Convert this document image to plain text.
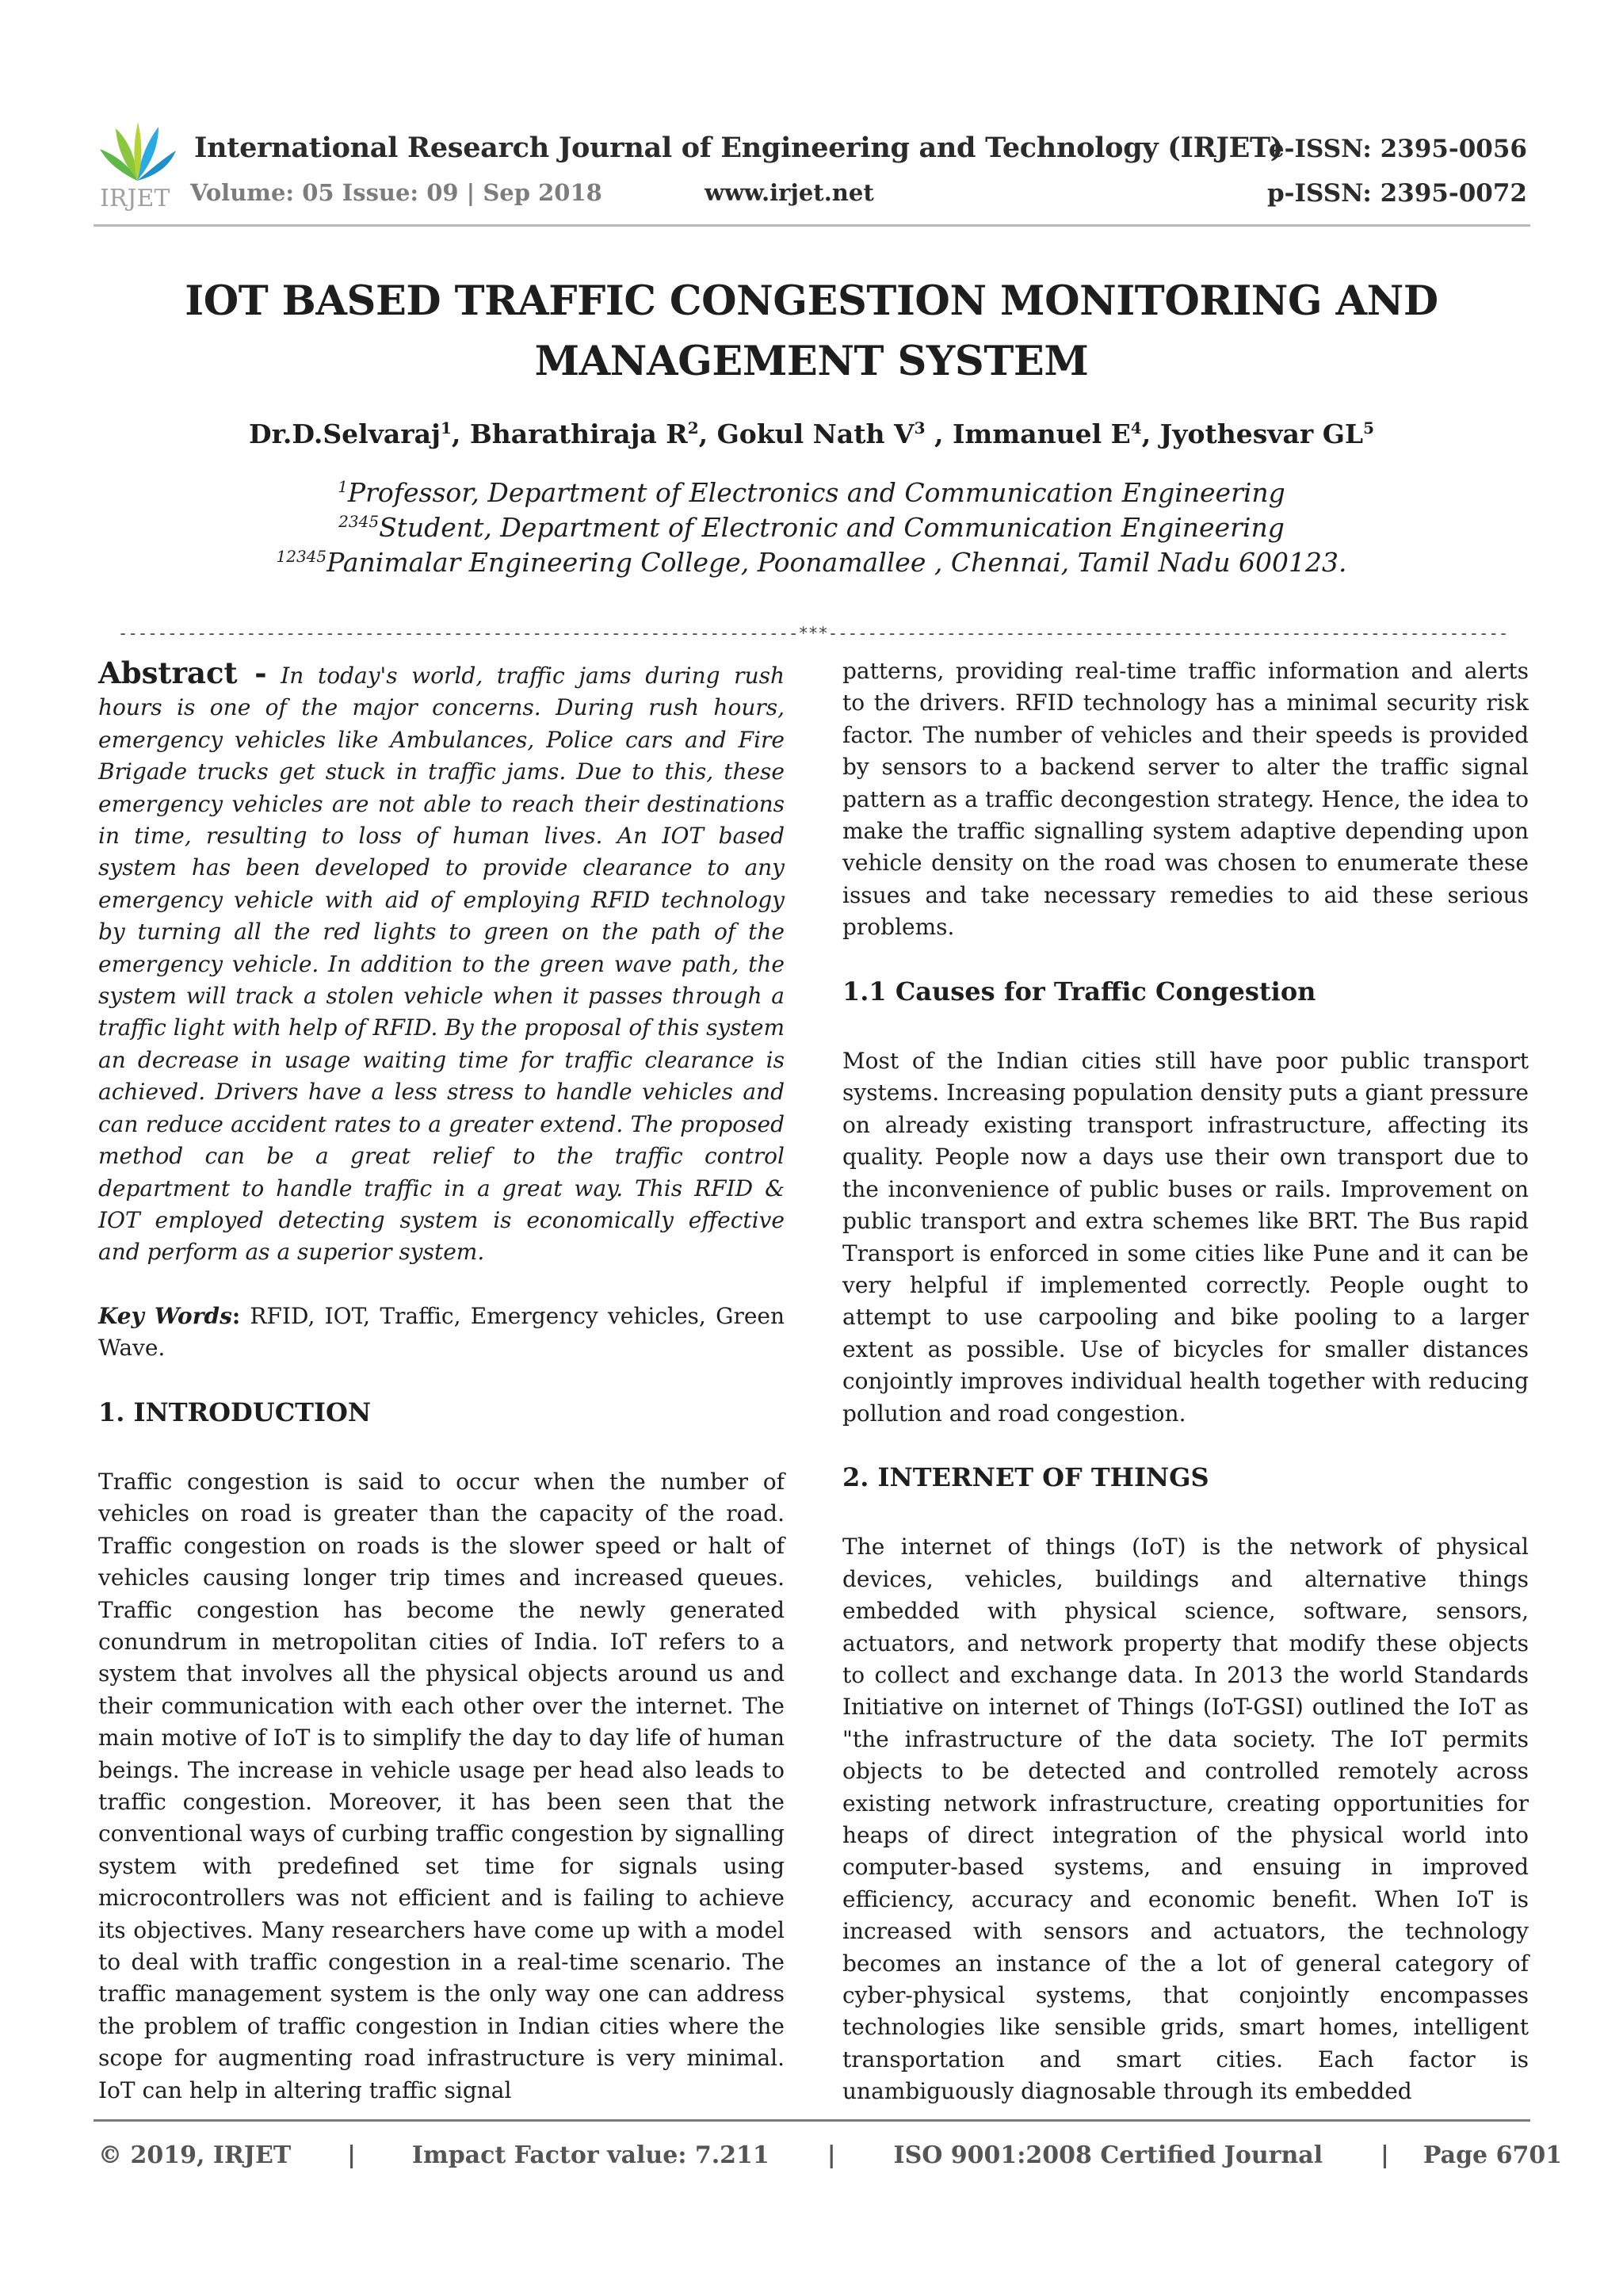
IRJET
International Research Journal of Engineering and Technology (IRJET)
Volume: 05 Issue: 09 | Sep 2018	www.irjet.net
e-ISSN: 2395-0056
p-ISSN: 2395-0072
IOT BASED TRAFFIC CONGESTION MONITORING AND MANAGEMENT SYSTEM
Dr.D.Selvaraj$^1$, Bharathiraja $R^2$, Gokul Nath $V^3$ , Immanuel $E^4$, Jyothesvar $GL^5$
$^1$Professor, Department of Electronics and Communication Engineering
$^{2345}$Student, Department of Electronic and Communication Engineering
$^{12345}$Panimalar Engineering College, Poonamallee , Chennai, Tamil Nadu 600123.
---------------------------------------------------------------------***---------------------------------------------------------------------

Abstract - In today's world, traffic jams during rush hours is one of the major concerns. During rush hours, emergency vehicles like Ambulances, Police cars and Fire Brigade trucks get stuck in traffic jams. Due to this, these emergency vehicles are not able to reach their destinations in time, resulting to loss of human lives. An IOT based system has been developed to provide clearance to any emergency vehicle with aid of employing RFID technology by turning all the red lights to green on the path of the emergency vehicle. In addition to the green wave path, the system will track a stolen vehicle when it passes through a traffic light with help of RFID. By the proposal of this system an decrease in usage waiting time for traffic clearance is achieved. Drivers have a less stress to handle vehicles and can reduce accident rates to a greater extend. The proposed method can be a great relief to the traffic control department to handle traffic in a great way. This RFID & IOT employed detecting system is economically effective and perform as a superior system.

Key Words: RFID, IOT, Traffic, Emergency vehicles, Green Wave.

1. INTRODUCTION

Traffic congestion is said to occur when the number of vehicles on road is greater than the capacity of the road. Traffic congestion on roads is the slower speed or halt of vehicles causing longer trip times and increased queues. Traffic congestion has become the newly generated conundrum in metropolitan cities of India. IoT refers to a system that involves all the physical objects around us and their communication with each other over the internet. The main motive of IoT is to simplify the day to day life of human beings. The increase in vehicle usage per head also leads to traffic congestion. Moreover, it has been seen that the conventional ways of curbing traffic congestion by signalling system with predefined set time for signals using microcontrollers was not efficient and is failing to achieve its objectives. Many researchers have come up with a model to deal with traffic congestion in a real-time scenario. The traffic management system is the only way one can address the problem of traffic congestion in Indian cities where the scope for augmenting road infrastructure is very minimal. IoT can help in altering traffic signal

patterns, providing real-time traffic information and alerts to the drivers. RFID technology has a minimal security risk factor. The number of vehicles and their speeds is provided by sensors to a backend server to alter the traffic signal pattern as a traffic decongestion strategy. Hence, the idea to make the traffic signalling system adaptive depending upon vehicle density on the road was chosen to enumerate these issues and take necessary remedies to aid these serious problems.

1.1 Causes for Traffic Congestion

Most of the Indian cities still have poor public transport systems. Increasing population density puts a giant pressure on already existing transport infrastructure, affecting its quality. People now a days use their own transport due to the inconvenience of public buses or rails. Improvement on public transport and extra schemes like BRT. The Bus rapid Transport is enforced in some cities like Pune and it can be very helpful if implemented correctly. People ought to attempt to use carpooling and bike pooling to a larger extent as possible. Use of bicycles for smaller distances conjointly improves individual health together with reducing pollution and road congestion.

2. INTERNET OF THINGS

The internet of things (IoT) is the network of physical devices, vehicles, buildings and alternative things embedded with physical science, software, sensors, actuators, and network property that modify these objects to collect and exchange data. In 2013 the world Standards Initiative on internet of Things (IoT-GSI) outlined the IoT as "the infrastructure of the data society. The IoT permits objects to be detected and controlled remotely across existing network infrastructure, creating opportunities for heaps of direct integration of the physical world into computer-based systems, and ensuing in improved efficiency, accuracy and economic benefit. When IoT is increased with sensors and actuators, the technology becomes an instance of the a lot of general category of cyber-physical systems, that conjointly encompasses technologies like sensible grids, smart homes, intelligent transportation and smart cities. Each factor is unambiguously diagnosable through its embedded

© 2019, IRJET | Impact Factor value: 7.211 | ISO 9001:2008 Certified Journal | Page 6701
